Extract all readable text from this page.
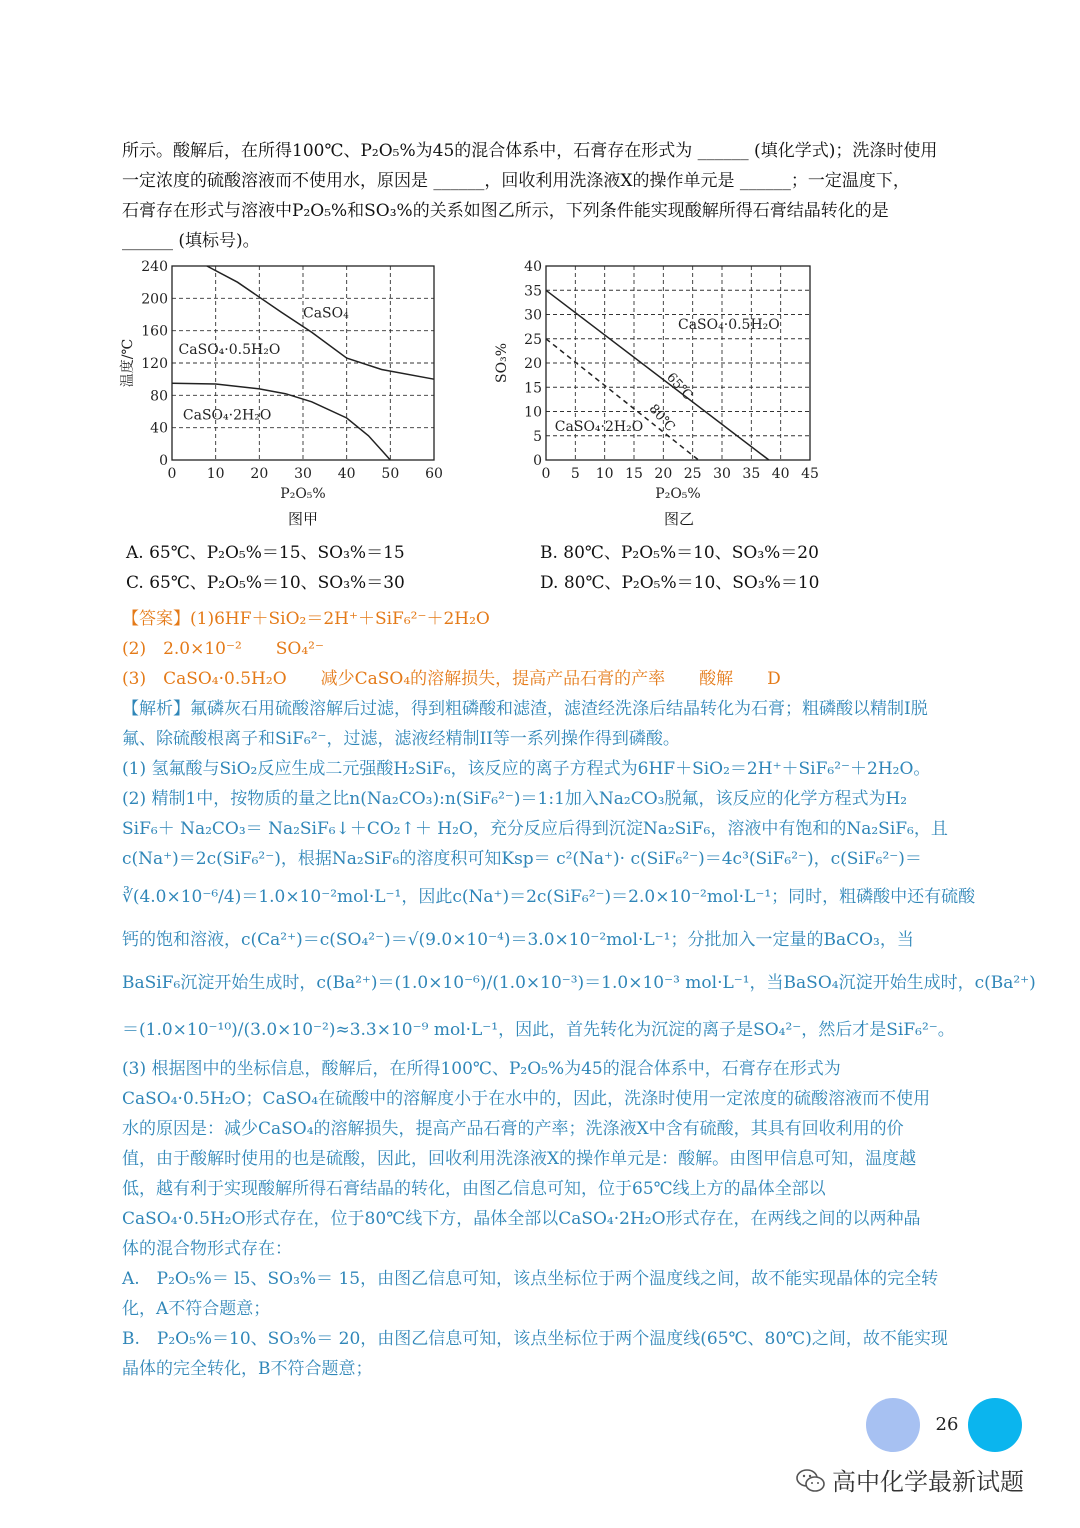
所示。酸解后，在所得100℃、P₂O₅%为45的混合体系中，石膏存在形式为 ______ (填化学式)；洗涤时使用

一定浓度的硫酸溶液而不使用水，原因是 ______，回收利用洗涤液X的操作单元是 ______；一定温度下，

石膏存在形式与溶液中P₂O₅%和SO₃%的关系如图乙所示，下列条件能实现酸解所得石膏结晶转化的是

______ (填标号)。

0 10 20 30 40 50 60
0
40
80
120
160
200
240
P₂O₅%
温度/℃
CaSO₄
CaSO₄·0.5H₂O
CaSO₄·2H₂O
图甲
0 5 10 15 20 25 30 35 40 45
0
5
10
15
20
25
30
35
40
P₂O₅%
SO₃%
CaSO₄·0.5H₂O
CaSO₄·2H₂O
65℃
80℃
图乙
A. 65℃、P₂O₅%＝15、SO₃%＝15	B. 80℃、P₂O₅%＝10、SO₃%＝20
C. 65℃、P₂O₅%＝10、SO₃%＝30	D. 80℃、P₂O₅%＝10、SO₃%＝10

【答案】(1)6HF＋SiO₂＝2H⁺＋SiF₆²⁻＋2H₂O

(2)　2.0×10⁻²　　SO₄²⁻

(3)　CaSO₄·0.5H₂O　　减少CaSO₄的溶解损失，提高产品石膏的产率　　酸解　　D

【解析】氟磷灰石用硫酸溶解后过滤，得到粗磷酸和滤渣，滤渣经洗涤后结晶转化为石膏；粗磷酸以精制I脱

氟、除硫酸根离子和SiF₆²⁻，过滤，滤液经精制II等一系列操作得到磷酸。

(1) 氢氟酸与SiO₂反应生成二元强酸H₂SiF₆，该反应的离子方程式为6HF＋SiO₂＝2H⁺＋SiF₆²⁻＋2H₂O。

(2) 精制1中，按物质的量之比n(Na₂CO₃):n(SiF₆²⁻)＝1:1加入Na₂CO₃脱氟，该反应的化学方程式为H₂

SiF₆＋ Na₂CO₃＝ Na₂SiF₆↓＋CO₂↑＋ H₂O，充分反应后得到沉淀Na₂SiF₆，溶液中有饱和的Na₂SiF₆，且

c(Na⁺)＝2c(SiF₆²⁻)，根据Na₂SiF₆的溶度积可知Ksp＝ c²(Na⁺)· c(SiF₆²⁻)＝4c³(SiF₆²⁻)，c(SiF₆²⁻)＝

∛(4.0×10⁻⁶/4)＝1.0×10⁻²mol·L⁻¹，因此c(Na⁺)＝2c(SiF₆²⁻)＝2.0×10⁻²mol·L⁻¹；同时，粗磷酸中还有硫酸

钙的饱和溶液，c(Ca²⁺)＝c(SO₄²⁻)＝√(9.0×10⁻⁴)＝3.0×10⁻²mol·L⁻¹；分批加入一定量的BaCO₃，当

BaSiF₆沉淀开始生成时，c(Ba²⁺)＝(1.0×10⁻⁶)/(1.0×10⁻³)＝1.0×10⁻³ mol·L⁻¹，当BaSO₄沉淀开始生成时，c(Ba²⁺)

＝(1.0×10⁻¹⁰)/(3.0×10⁻²)≈3.3×10⁻⁹ mol·L⁻¹，因此，首先转化为沉淀的离子是SO₄²⁻，然后才是SiF₆²⁻。

(3) 根据图中的坐标信息，酸解后，在所得100℃、P₂O₅%为45的混合体系中，石膏存在形式为

CaSO₄·0.5H₂O；CaSO₄在硫酸中的溶解度小于在水中的，因此，洗涤时使用一定浓度的硫酸溶液而不使用

水的原因是：减少CaSO₄的溶解损失，提高产品石膏的产率；洗涤液X中含有硫酸，其具有回收利用的价

值，由于酸解时使用的也是硫酸，因此，回收利用洗涤液X的操作单元是：酸解。由图甲信息可知，温度越

低，越有利于实现酸解所得石膏结晶的转化，由图乙信息可知，位于65℃线上方的晶体全部以

CaSO₄·0.5H₂O形式存在，位于80℃线下方，晶体全部以CaSO₄·2H₂O形式存在，在两线之间的以两种晶

体的混合物形式存在：

A.　P₂O₅%＝ l5、SO₃%＝ 15，由图乙信息可知，该点坐标位于两个温度线之间，故不能实现晶体的完全转

化，A不符合题意；

B.　P₂O₅%＝10、SO₃%＝ 20，由图乙信息可知，该点坐标位于两个温度线(65℃、80℃)之间，故不能实现

晶体的完全转化，B不符合题意；

26
高中化学最新试题
